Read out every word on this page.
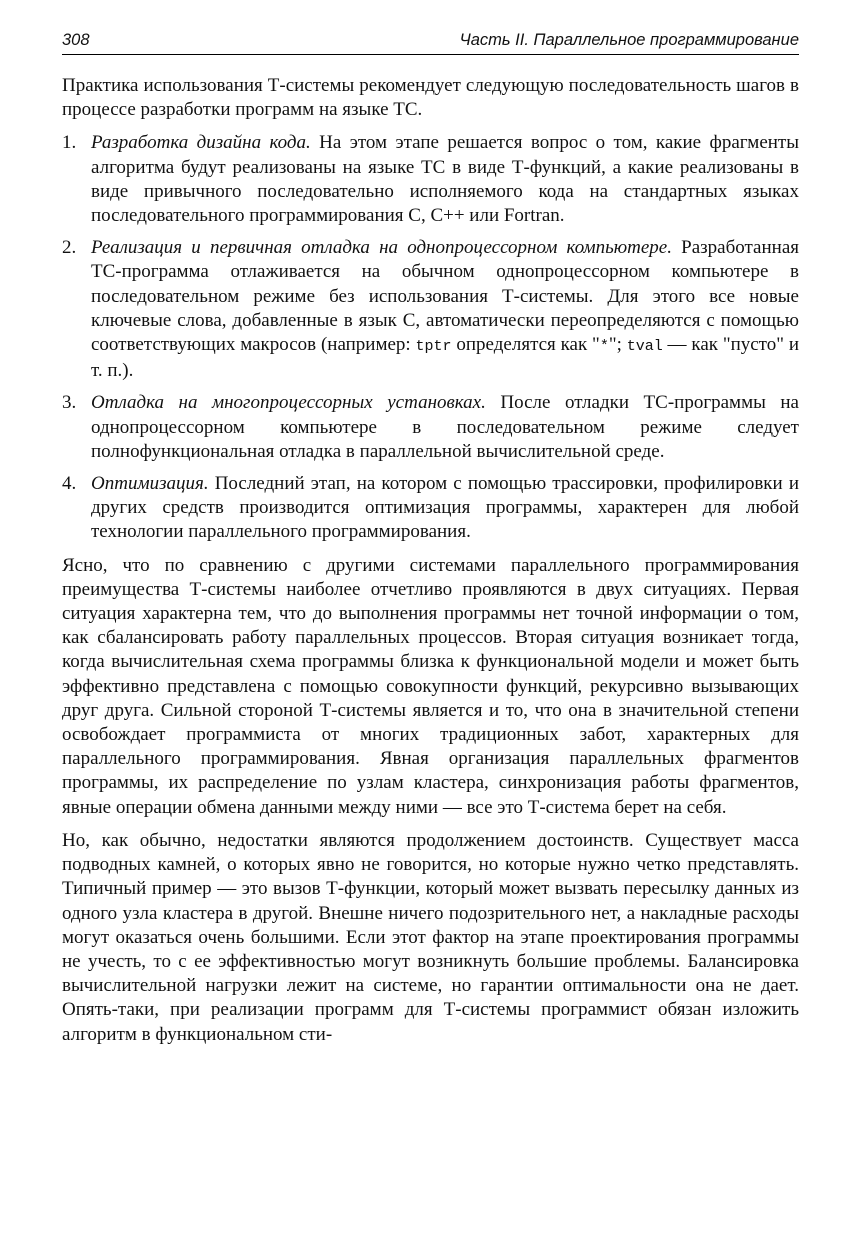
308	Часть II. Параллельное программирование

Практика использования Т-системы рекомендует следующую последовательность шагов в процессе разработки программ на языке ТС.

1. Разработка дизайна кода. На этом этапе решается вопрос о том, какие фрагменты алгоритма будут реализованы на языке ТС в виде Т-функций, а какие реализованы в виде привычного последовательно исполняемого кода на стандартных языках последовательного программирования С, С++ или Fortran.
2. Реализация и первичная отладка на однопроцессорном компьютере. Разработанная ТС-программа отлаживается на обычном однопроцессорном компьютере в последовательном режиме без использования Т-системы. Для этого все новые ключевые слова, добавленные в язык С, автоматически переопределяются с помощью соответствующих макросов (например: tptr определятся как "*"; tval — как "пусто" и т. п.).
3. Отладка на многопроцессорных установках. После отладки ТС-программы на однопроцессорном компьютере в последовательном режиме следует полнофункциональная отладка в параллельной вычислительной среде.
4. Оптимизация. Последний этап, на котором с помощью трассировки, профилировки и других средств производится оптимизация программы, характерен для любой технологии параллельного программирования.

Ясно, что по сравнению с другими системами параллельного программирования преимущества Т-системы наиболее отчетливо проявляются в двух ситуациях. Первая ситуация характерна тем, что до выполнения программы нет точной информации о том, как сбалансировать работу параллельных процессов. Вторая ситуация возникает тогда, когда вычислительная схема программы близка к функциональной модели и может быть эффективно представлена с помощью совокупности функций, рекурсивно вызывающих друг друга. Сильной стороной Т-системы является и то, что она в значительной степени освобождает программиста от многих традиционных забот, характерных для параллельного программирования. Явная организация параллельных фрагментов программы, их распределение по узлам кластера, синхронизация работы фрагментов, явные операции обмена данными между ними — все это Т-система берет на себя.

Но, как обычно, недостатки являются продолжением достоинств. Существует масса подводных камней, о которых явно не говорится, но которые нужно четко представлять. Типичный пример — это вызов Т-функции, который может вызвать пересылку данных из одного узла кластера в другой. Внешне ничего подозрительного нет, а накладные расходы могут оказаться очень большими. Если этот фактор на этапе проектирования программы не учесть, то с ее эффективностью могут возникнуть большие проблемы. Балансировка вычислительной нагрузки лежит на системе, но гарантии оптимальности она не дает. Опять-таки, при реализации программ для Т-системы программист обязан изложить алгоритм в функциональном сти-
